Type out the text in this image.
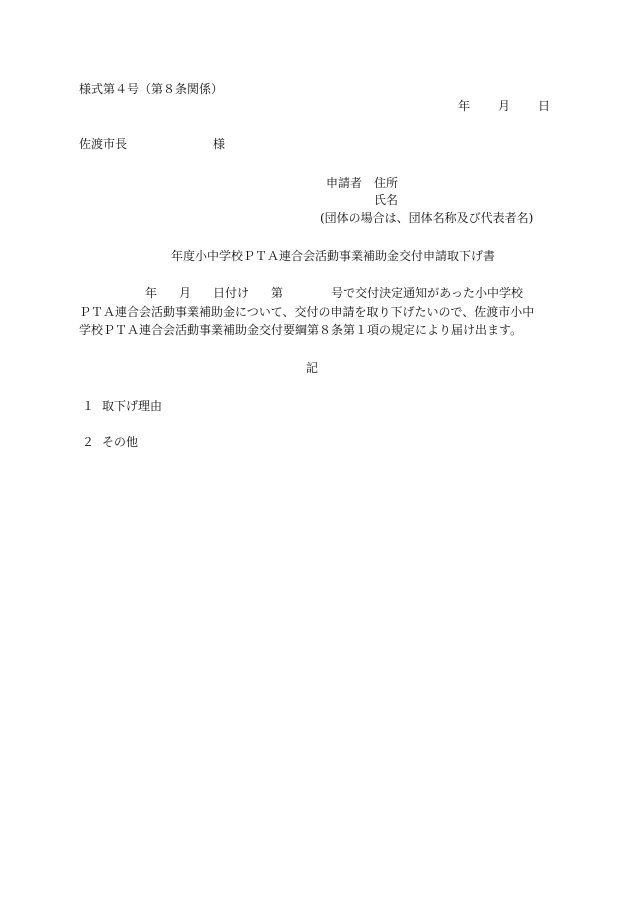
様式第４号（第８条関係）
年 月 日
佐渡市長	様
申請者 住所
氏名
(団体の場合は、団体名称及び代表者名)
年度小中学校ＰＴＡ連合会活動事業補助金交付申請取下げ書
年 月 日付け 第	号で交付決定通知があった小中学校
ＰＴＡ連合会活動事業補助金について、交付の申請を取り下げたいので、佐渡市小中
学校ＰＴＡ連合会活動事業補助金交付要綱第８条第１項の規定により届け出ます。
記
１ 取下げ理由
２ その他
